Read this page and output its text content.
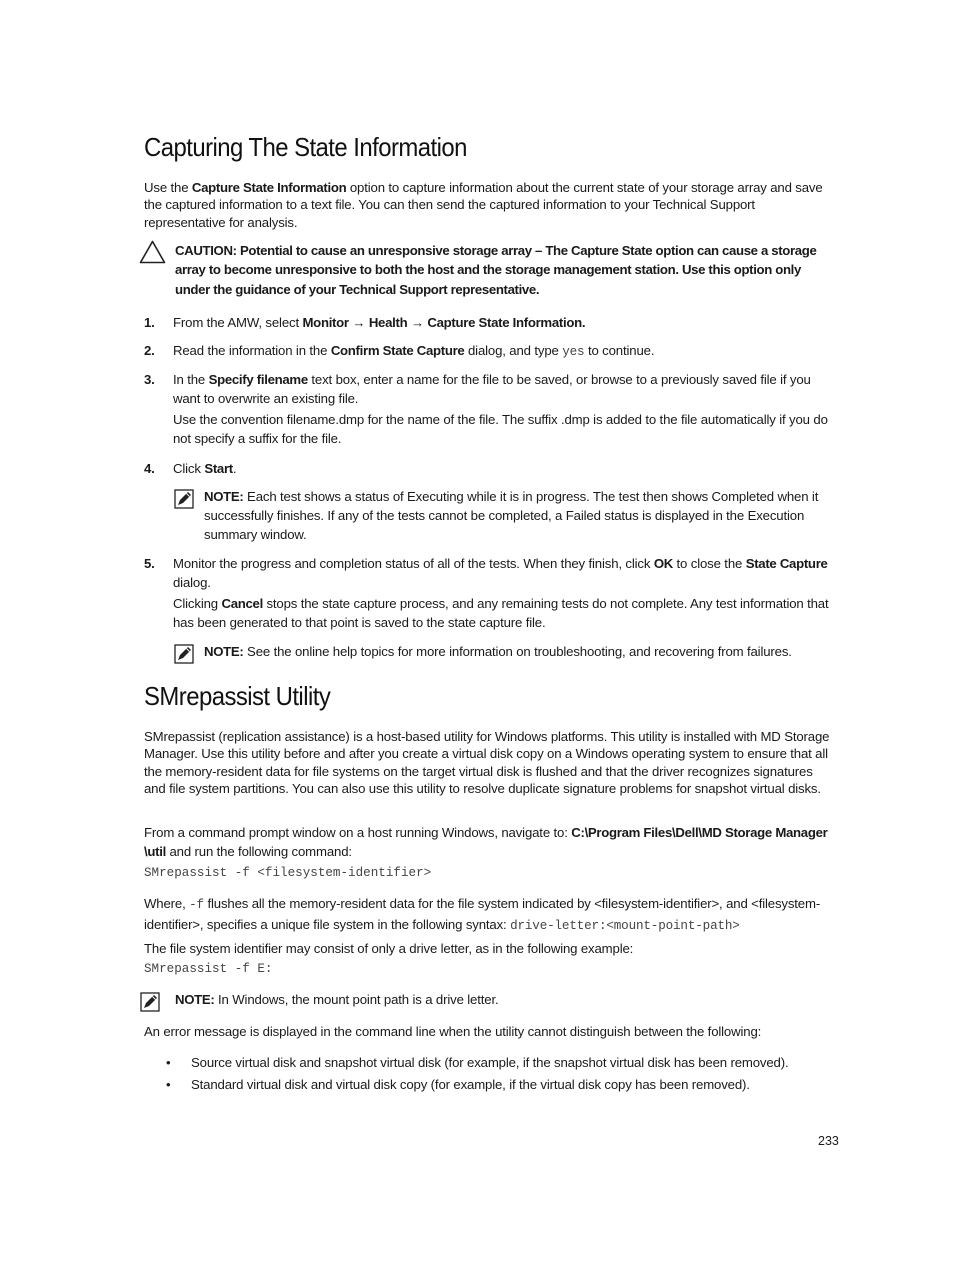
Capturing The State Information

Use the Capture State Information option to capture information about the current state of your storage array and save the captured information to a text file. You can then send the captured information to your Technical Support representative for analysis.

CAUTION: Potential to cause an unresponsive storage array – The Capture State option can cause a storage array to become unresponsive to both the host and the storage management station. Use this option only under the guidance of your Technical Support representative.
1. From the AMW, select Monitor → Health → Capture State Information.
2. Read the information in the Confirm State Capture dialog, and type yes to continue.
3. In the Specify filename text box, enter a name for the file to be saved, or browse to a previously saved file if you want to overwrite an existing file.
Use the convention filename.dmp for the name of the file. The suffix .dmp is added to the file automatically if you do not specify a suffix for the file.
4. Click Start.
NOTE: Each test shows a status of Executing while it is in progress. The test then shows Completed when it successfully finishes. If any of the tests cannot be completed, a Failed status is displayed in the Execution summary window.
5. Monitor the progress and completion status of all of the tests. When they finish, click OK to close the State Capture dialog.
Clicking Cancel stops the state capture process, and any remaining tests do not complete. Any test information that has been generated to that point is saved to the state capture file.
NOTE: See the online help topics for more information on troubleshooting, and recovering from failures.
SMrepassist Utility

SMrepassist (replication assistance) is a host-based utility for Windows platforms. This utility is installed with MD Storage Manager. Use this utility before and after you create a virtual disk copy on a Windows operating system to ensure that all the memory-resident data for file systems on the target virtual disk is flushed and that the driver recognizes signatures and file system partitions. You can also use this utility to resolve duplicate signature problems for snapshot virtual disks.

From a command prompt window on a host running Windows, navigate to: C:\Program Files\Dell\MD Storage Manager \util and run the following command:

SMrepassist -f <filesystem-identifier>

Where, -f flushes all the memory-resident data for the file system indicated by <filesystem-identifier>, and <filesystem-identifier>, specifies a unique file system in the following syntax: drive-letter:<mount-point-path>

The file system identifier may consist of only a drive letter, as in the following example:

SMrepassist -f E:
NOTE: In Windows, the mount point path is a drive letter.

An error message is displayed in the command line when the utility cannot distinguish between the following:

• Source virtual disk and snapshot virtual disk (for example, if the snapshot virtual disk has been removed).
• Standard virtual disk and virtual disk copy (for example, if the virtual disk copy has been removed).
233
